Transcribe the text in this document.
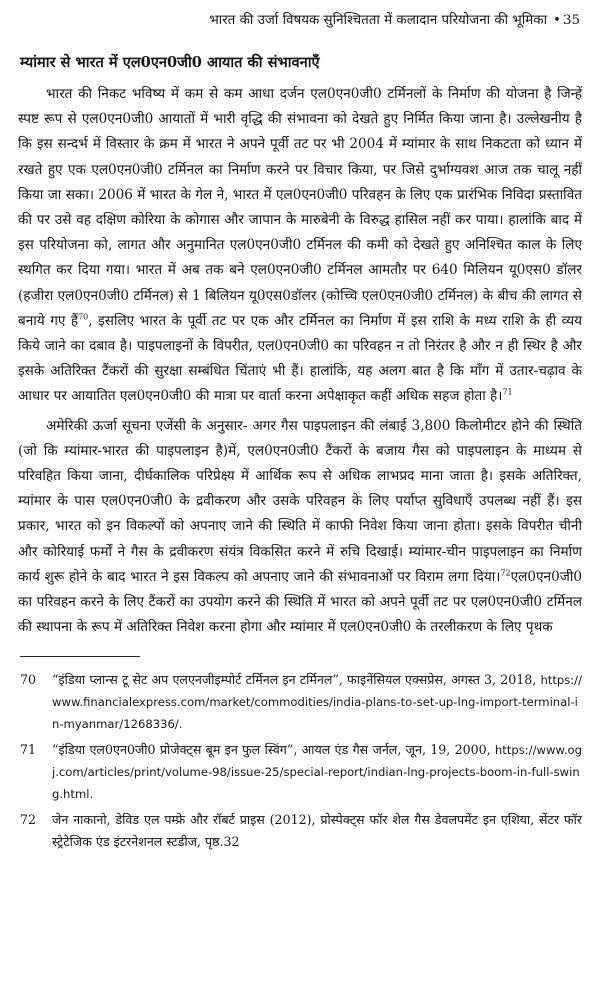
भारत की उर्जा विषयक सुनिश्चितता में कलादान परियोजना की भूमिका • 35
म्यांमार से भारत में एल0एन0जी0 आयात की संभावनाएँ

भारत की निकट भविष्य में कम से कम आधा दर्जन एल0एन0जी0 टर्मिनलों के निर्माण की योजना है जिन्हें स्पष्ट रूप से एल0एन0जी0 आयातों में भारी वृद्धि की संभावना को देखते हुए निर्मित किया जाना है। उल्लेखनीय है कि इस सन्दर्भ में विस्तार के क्रम में भारत ने अपने पूर्वी तट पर भी 2004 में म्यांमार के साथ निकटता को ध्यान में रखते हुए एक एल0एन0जी0 टर्मिनल का निर्माण करने पर विचार किया, पर जिसे दुर्भाग्यवश आज तक चालू नहीं किया जा सका। 2006 में भारत के गेल ने, भारत में एल0एन0जी0 परिवहन के लिए एक प्रारंभिक निविदा प्रस्तावित की पर उसे वह दक्षिण कोरिया के कोगास और जापान के मारुबेनी के विरुद्ध हासिल नहीं कर पाया। हालांकि बाद में इस परियोजना को, लागत और अनुमानित एल0एन0जी0 टर्मिनल की कमी को देखते हुए अनिश्चित काल के लिए स्थगित कर दिया गया। भारत में अब तक बने एल0एन0जी0 टर्मिनल आमतौर पर 640 मिलियन यू0एस0 डॉलर (हजीरा एल0एन0जी0 टर्मिनल) से 1 बिलियन यू0एस0डॉलर (कोच्चि एल0एन0जी0 टर्मिनल) के बीच की लागत से बनाये गए हैं$^{70}$, इसलिए भारत के पूर्वी तट पर एक और टर्मिनल का निर्माण में इस राशि के मध्य राशि के ही व्यय किये जाने का दबाव है। पाइपलाइनों के विपरीत, एल0एन0जी0 का परिवहन न तो निरंतर है और न ही स्थिर है और इसके अतिरिक्त टैंकरों की सुरक्षा सम्बंधित चिंताएं भी हैं। हालांकि, यह अलग बात है कि माँग में उतार-चढ़ाव के आधार पर आयातित एल0एन0जी0 की मात्रा पर वार्ता करना अपेक्षाकृत कहीं अधिक सहज होता है।$^{71}$

अमेरिकी ऊर्जा सूचना एजेंसी के अनुसार- अगर गैस पाइपलाइन की लंबाई 3,800 किलोमीटर होने की स्थिति (जो कि म्यांमार-भारत की पाइपलाइन है)में, एल0एन0जी0 टैंकरों के बजाय गैस को पाइपलाइन के माध्यम से परिवहित किया जाना, दीर्घकालिक परिप्रेक्ष्य में आर्थिक रूप से अधिक लाभप्रद माना जाता है। इसके अतिरिक्त, म्यांमार के पास एल0एन0जी0 के द्रवीकरण और उसके परिवहन के लिए पर्याप्त सुविधाएँ उपलब्ध नहीं हैं। इस प्रकार, भारत को इन विकल्पों को अपनाए जाने की स्थिति में काफी निवेश किया जाना होता। इसके विपरीत चीनी और कोरियाई फर्मों ने गैस के द्रवीकरण संयंत्र विकसित करने में रुचि दिखाई। म्यांमार-चीन पाइपलाइन का निर्माण कार्य शुरू होने के बाद भारत ने इस विकल्प को अपनाए जाने की संभावनाओं पर विराम लगा दिया।$^{72}$एल0एन0जी0 का परिवहन करने के लिए टैंकरों का उपयोग करने की स्थिति में भारत को अपने पूर्वी तट पर एल0एन0जी0 टर्मिनल की स्थापना के रूप में अतिरिक्त निवेश करना होगा और म्यांमार में एल0एन0जी0 के तरलीकरण के लिए पृथक

70	“इंडिया प्लान्स टू सेट अप एलएनजीइम्पोर्ट टर्मिनल इन टर्मिनल”, फाइनेंसियल एक्सप्रेस, अगस्त 3, 2018, https://www.financialexpress.com/market/commodities/india-plans-to-set-up-lng-import-terminal-in-myanmar/1268336/.
71	“इंडिया एल0एन0जी0 प्रोजेक्ट्स बूम इन फुल स्विंग”, आयल एंड गैस जर्नल, जून, 19, 2000, https://www.ogj.com/articles/print/volume-98/issue-25/special-report/indian-lng-projects-boom-in-full-swing.html.
72	जेन नाकानो, डेविड एल पम्फ्रे और रॉबर्ट प्राइस (2012), प्रोस्पेक्ट्स फॉर शेल गैस डेवलपमेंट इन एशिया, सेंटर फॉर स्ट्रेटेजिक एंड इंटरनेशनल स्टडीज, पृष्ठ.32
